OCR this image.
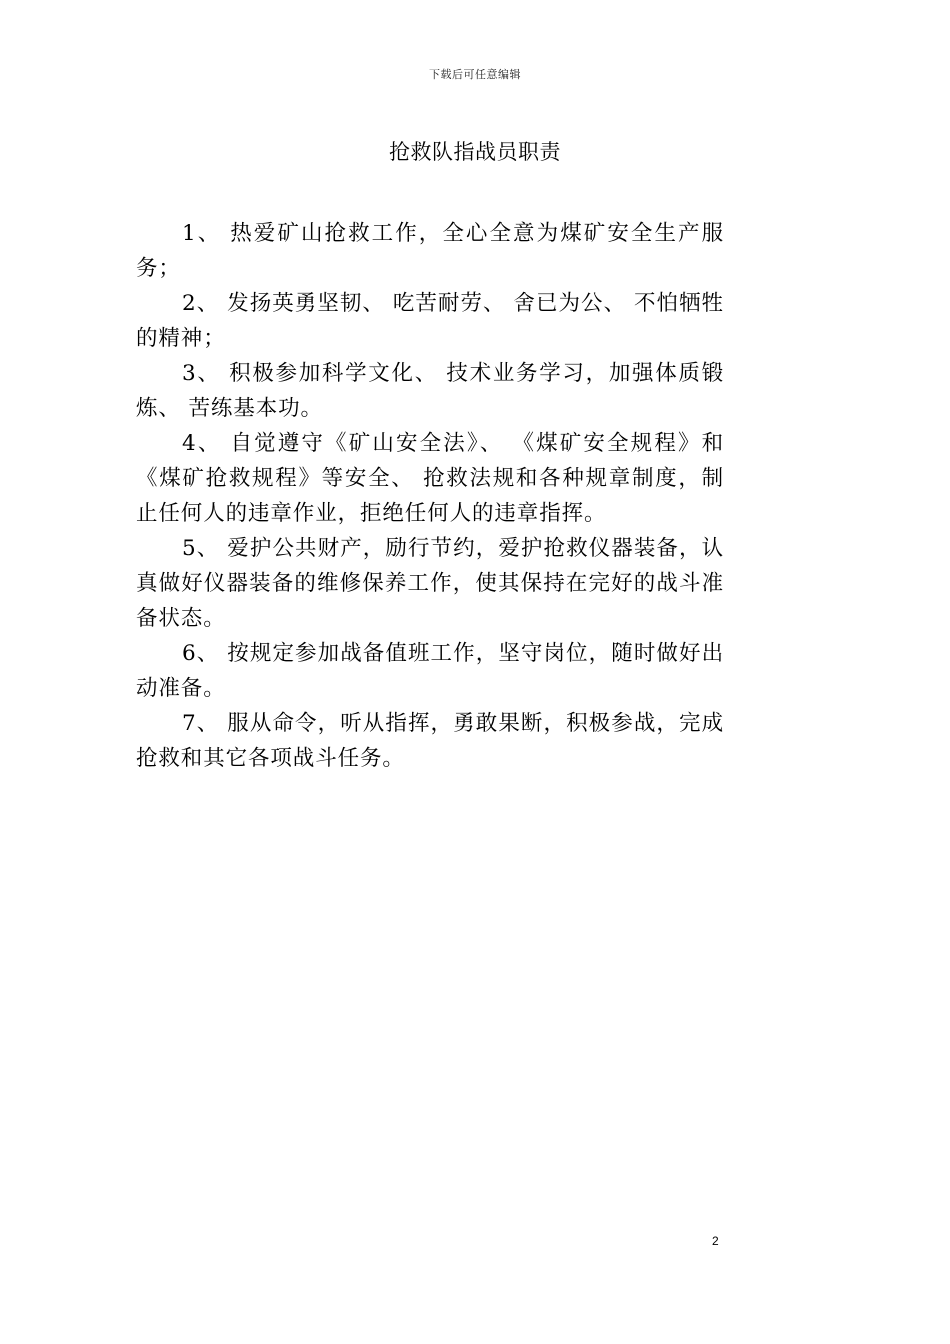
下载后可任意编辑
抢救队指战员职责

1、 热爱矿山抢救工作，全心全意为煤矿安全生产服务；

2、 发扬英勇坚韧、 吃苦耐劳、 舍已为公、 不怕牺牲的精神；

3、 积极参加科学文化、 技术业务学习，加强体质锻炼、 苦练基本功。

4、 自觉遵守《矿山安全法》、 《煤矿安全规程》和《煤矿抢救规程》等安全、 抢救法规和各种规章制度，制止任何人的违章作业，拒绝任何人的违章指挥。

5、 爱护公共财产，励行节约，爱护抢救仪器装备，认真做好仪器装备的维修保养工作，使其保持在完好的战斗准备状态。

6、 按规定参加战备值班工作，坚守岗位，随时做好出动准备。

7、 服从命令，听从指挥，勇敢果断，积极参战，完成抢救和其它各项战斗任务。

2
